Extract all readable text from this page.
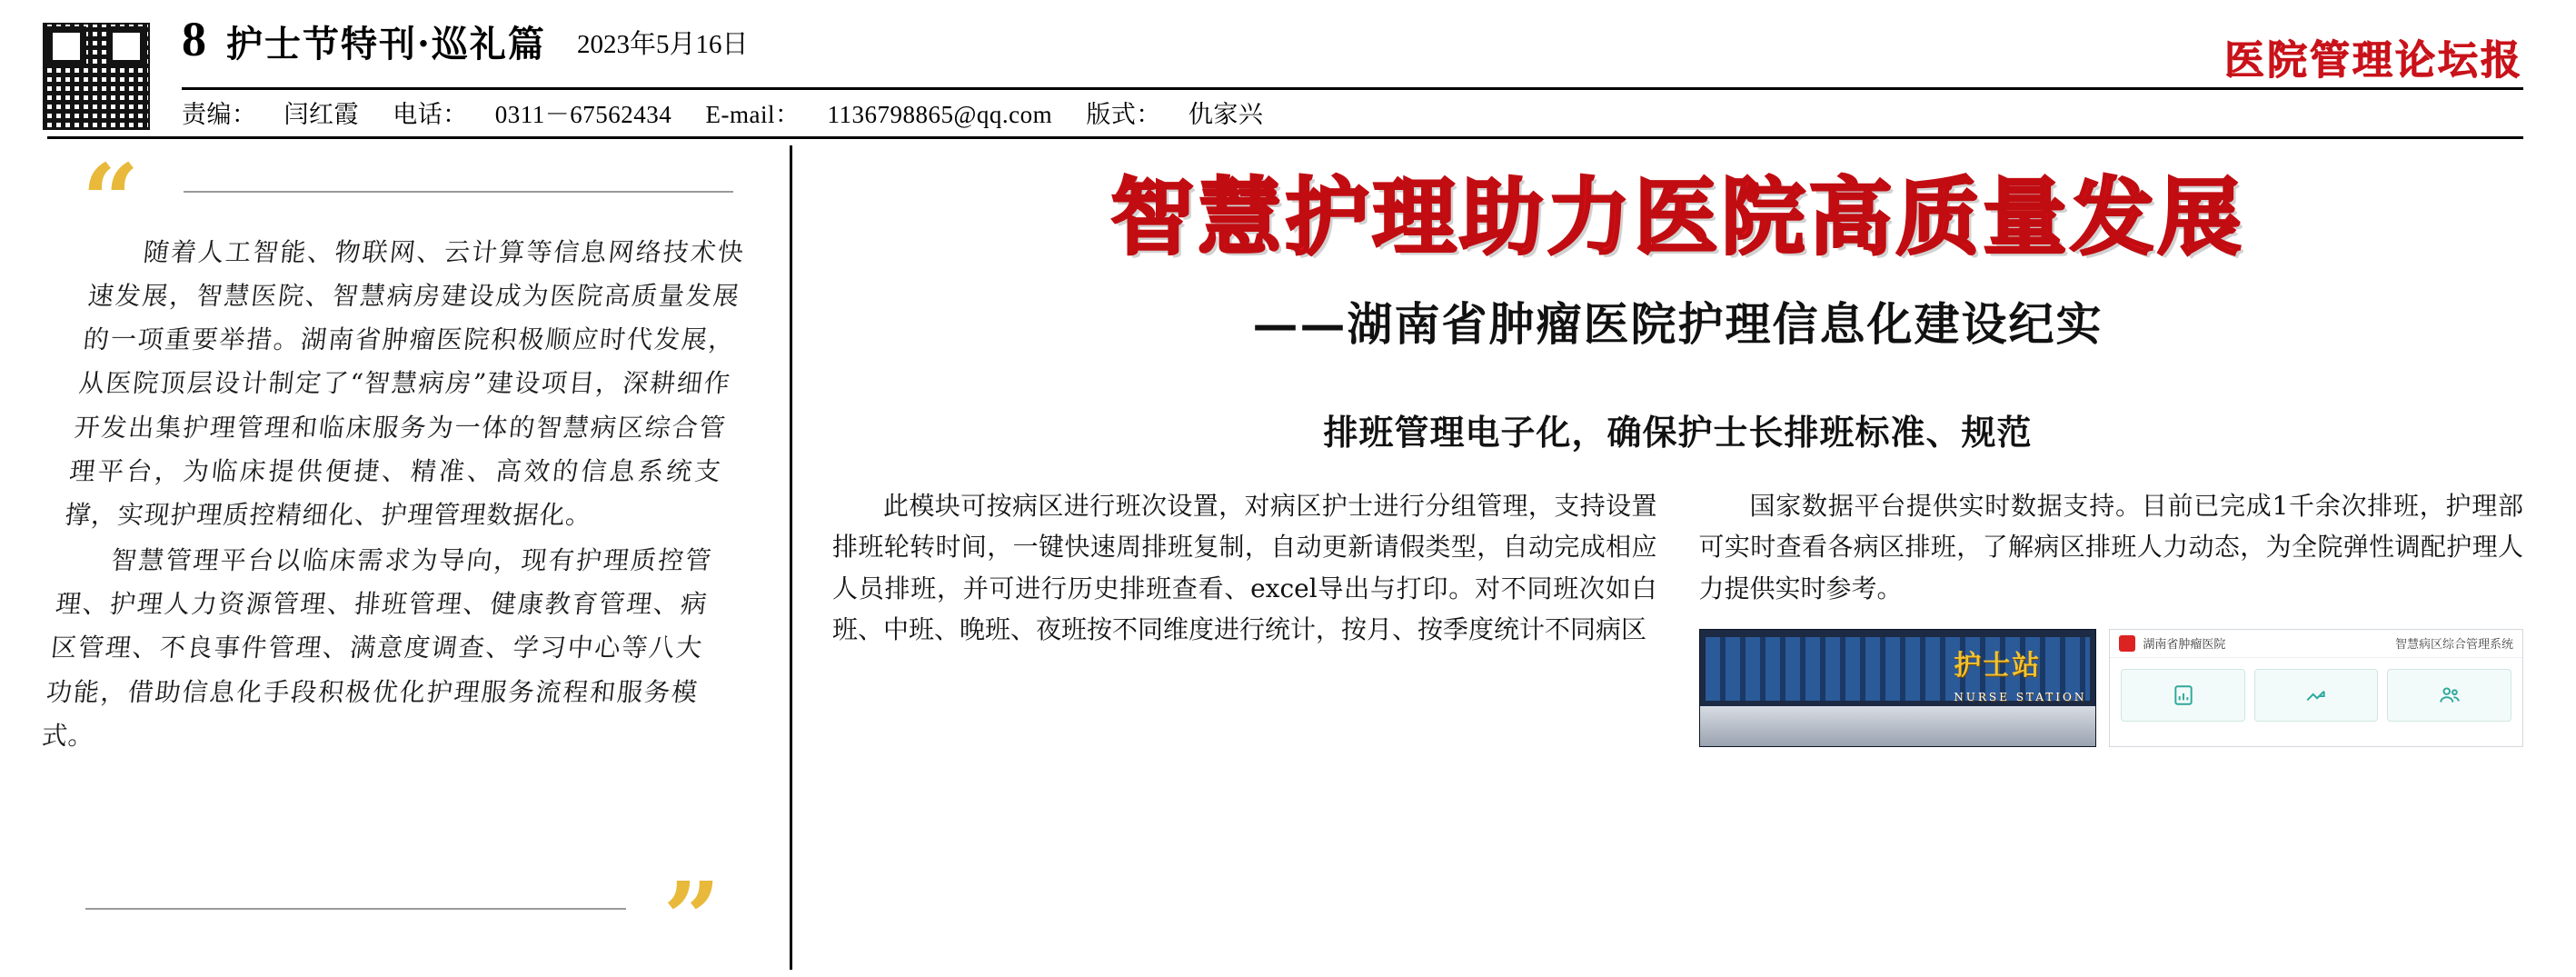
8 护士节特刊·巡礼篇	2023年5月16日	医院管理论坛报
责编： 闫红霞 电话： 0311－67562434 E-mail： 1136798865@qq.com 版式： 仇家兴
“ 随着人工智能、物联网、云计算等信息网络技术快速发展，智慧医院、智慧病房建设成为医院高质量发展的一项重要举措。湖南省肿瘤医院积极顺应时代发展，从医院顶层设计制定了“智慧病房”建设项目，深耕细作开发出集护理管理和临床服务为一体的智慧病区综合管理平台，为临床提供便捷、精准、高效的信息系统支撑，实现护理质控精细化、护理管理数据化。

智慧管理平台以临床需求为导向，现有护理质控管理、护理人力资源管理、排班管理、健康教育管理、病区管理、不良事件管理、满意度调查、学习中心等八大功能，借助信息化手段积极优化护理服务流程和服务模式。

”
智慧护理助力医院高质量发展
——湖南省肿瘤医院护理信息化建设纪实
排班管理电子化，确保护士长排班标准、规范

此模块可按病区进行班次设置，对病区护士进行分组管理，支持设置排班轮转时间，一键快速周排班复制，自动更新请假类型，自动完成相应人员排班，并可进行历史排班查看、excel导出与打印。对不同班次如白班、中班、晚班、夜班按不同维度进行统计，按月、按季度统计不同病区

国家数据平台提供实时数据支持。目前已完成1千余次排班，护理部可实时查看各病区排班，了解病区排班人力动态，为全院弹性调配护理人力提供实时参考。

护士站
NURSE STATION
湖南省肿瘤医院	智慧病区综合管理系统
